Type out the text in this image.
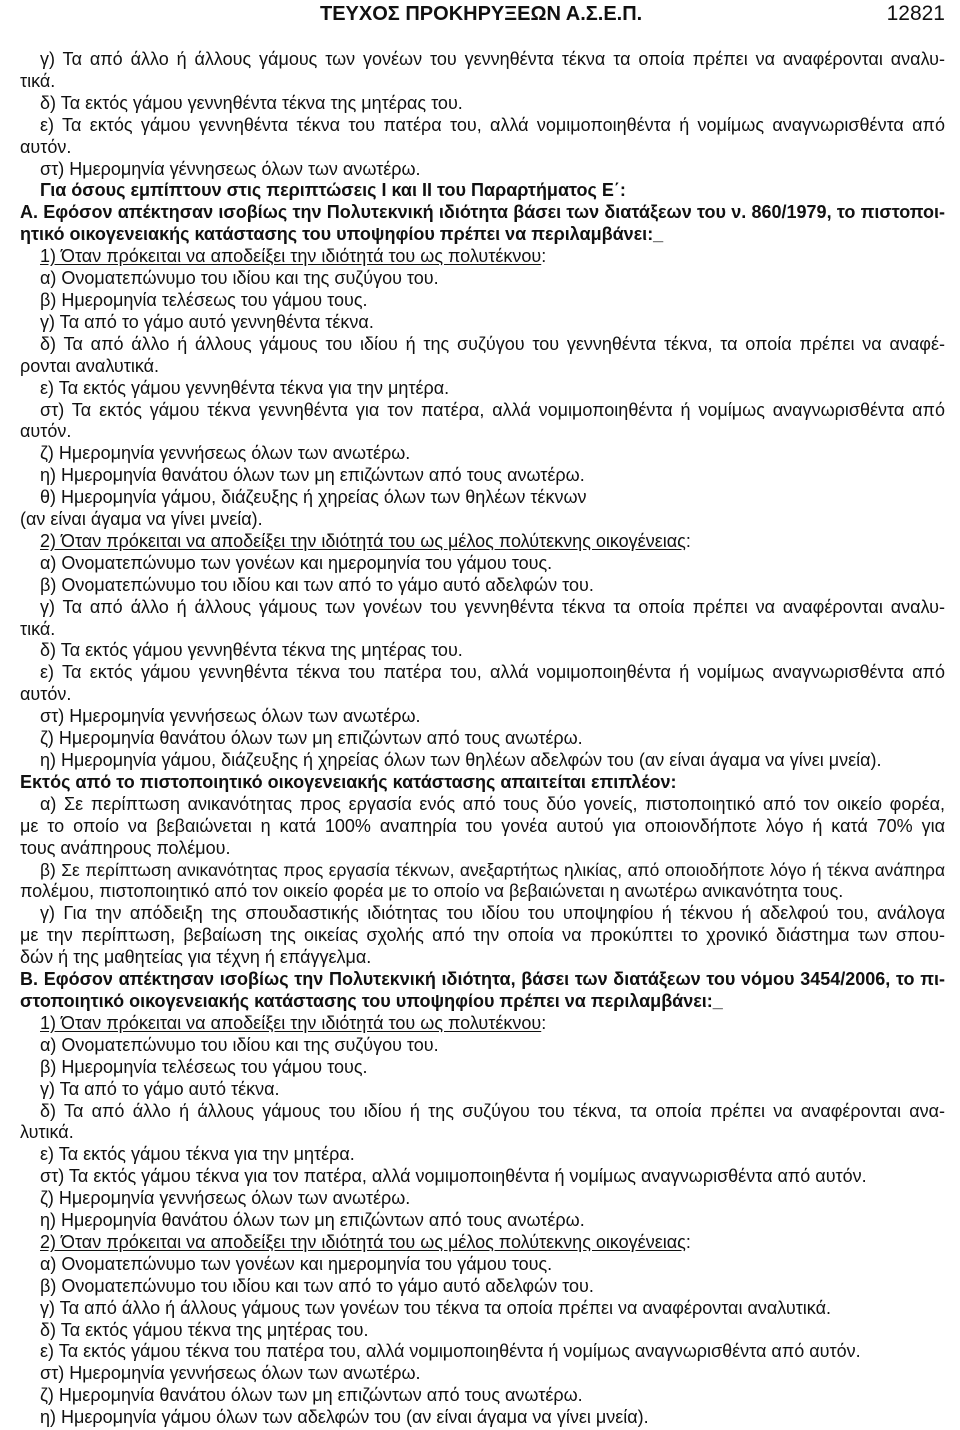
ΤΕΥΧΟΣ ΠΡΟΚΗΡΥΞΕΩΝ Α.Σ.Ε.Π.	12821
γ) Τα από άλλο ή άλλους γάμους των γονέων του γεννηθέντα τέκνα τα οποία πρέπει να αναφέρονται αναλυ-
τικά.
δ) Τα εκτός γάμου γεννηθέντα τέκνα της μητέρας του.
ε) Τα εκτός γάμου γεννηθέντα τέκνα του πατέρα του, αλλά νομιμοποιηθέντα ή νομίμως αναγνωρισθέντα από
αυτόν.
στ) Ημερομηνία γέννησεως όλων των ανωτέρω.
Για όσους εμπίπτουν στις περιπτώσεις I και II του Παραρτήματος Ε΄:
Α. Εφόσον απέκτησαν ισοβίως την Πολυτεκνική ιδιότητα βάσει των διατάξεων του ν. 860/1979, το πιστοποι-
ητικό οικογενειακής κατάστασης του υποψηφίου πρέπει να περιλαμβάνει:_
1) Όταν πρόκειται να αποδείξει την ιδιότητά του ως πολυτέκνου:
α) Ονοματεπώνυμο του ιδίου και της συζύγου του.
β) Ημερομηνία τελέσεως του γάμου τους.
γ) Τα από το γάμο αυτό γεννηθέντα τέκνα.
δ) Τα από άλλο ή άλλους γάμους του ιδίου ή της συζύγου του γεννηθέντα τέκνα, τα οποία πρέπει να αναφέ-
ρονται αναλυτικά.
ε) Τα εκτός γάμου γεννηθέντα τέκνα για την μητέρα.
στ) Τα εκτός γάμου τέκνα γεννηθέντα για τον πατέρα, αλλά νομιμοποιηθέντα ή νομίμως αναγνωρισθέντα από
αυτόν.
ζ) Ημερομηνία γεννήσεως όλων των ανωτέρω.
η) Ημερομηνία θανάτου όλων των μη επιζώντων από τους ανωτέρω.
θ) Ημερομηνία γάμου, διάζευξης ή χηρείας όλων των θηλέων τέκνων
(αν είναι άγαμα να γίνει μνεία).
2) Όταν πρόκειται να αποδείξει την ιδιότητά του ως μέλος πολύτεκνης οικογένειας:
α) Ονοματεπώνυμο των γονέων και ημερομηνία του γάμου τους.
β) Ονοματεπώνυμο του ιδίου και των από το γάμο αυτό αδελφών του.
γ) Τα από άλλο ή άλλους γάμους των γονέων του γεννηθέντα τέκνα τα οποία πρέπει να αναφέρονται αναλυ-
τικά.
δ) Τα εκτός γάμου γεννηθέντα τέκνα της μητέρας του.
ε) Τα εκτός γάμου γεννηθέντα τέκνα του πατέρα του, αλλά νομιμοποιηθέντα ή νομίμως αναγνωρισθέντα από
αυτόν.
στ) Ημερομηνία γεννήσεως όλων των ανωτέρω.
ζ) Ημερομηνία θανάτου όλων των μη επιζώντων από τους ανωτέρω.
η) Ημερομηνία γάμου, διάζευξης ή χηρείας όλων των θηλέων αδελφών του (αν είναι άγαμα να γίνει μνεία).
Εκτός από το πιστοποιητικό οικογενειακής κατάστασης απαιτείται επιπλέον:
α) Σε περίπτωση ανικανότητας προς εργασία ενός από τους δύο γονείς, πιστοποιητικό από τον οικείο φορέα,
με το οποίο να βεβαιώνεται η κατά 100% αναπηρία του γονέα αυτού για οποιονδήποτε λόγο ή κατά 70% για
τους ανάπηρους πολέμου.
β) Σε περίπτωση ανικανότητας προς εργασία τέκνων, ανεξαρτήτως ηλικίας, από οποιοδήποτε λόγο ή τέκνα ανάπηρα
πολέμου, πιστοποιητικό από τον οικείο φορέα με το οποίο να βεβαιώνεται η ανωτέρω ανικανότητα τους.
γ) Για την απόδειξη της σπουδαστικής ιδιότητας του ιδίου του υποψηφίου ή τέκνου ή αδελφού του, ανάλογα
με την περίπτωση, βεβαίωση της οικείας σχολής από την οποία να προκύπτει το χρονικό διάστημα των σπου-
δών ή της μαθητείας για τέχνη ή επάγγελμα.
Β. Εφόσον απέκτησαν ισοβίως την Πολυτεκνική ιδιότητα, βάσει των διατάξεων του νόμου 3454/2006, το πι-
στοποιητικό οικογενειακής κατάστασης του υποψηφίου πρέπει να περιλαμβάνει:_
1) Όταν πρόκειται να αποδείξει την ιδιότητά του ως πολυτέκνου:
α) Ονοματεπώνυμο του ιδίου και της συζύγου του.
β) Ημερομηνία τελέσεως του γάμου τους.
γ) Τα από το γάμο αυτό τέκνα.
δ) Τα από άλλο ή άλλους γάμους του ιδίου ή της συζύγου του τέκνα, τα οποία πρέπει να αναφέρονται ανα-
λυτικά.
ε) Τα εκτός γάμου τέκνα για την μητέρα.
στ) Τα εκτός γάμου τέκνα για τον πατέρα, αλλά νομιμοποιηθέντα ή νομίμως αναγνωρισθέντα από αυτόν.
ζ) Ημερομηνία γεννήσεως όλων των ανωτέρω.
η) Ημερομηνία θανάτου όλων των μη επιζώντων από τους ανωτέρω.
2) Όταν πρόκειται να αποδείξει την ιδιότητά του ως μέλος πολύτεκνης οικογένειας:
α) Ονοματεπώνυμο των γονέων και ημερομηνία του γάμου τους.
β) Ονοματεπώνυμο του ιδίου και των από το γάμο αυτό αδελφών του.
γ) Τα από άλλο ή άλλους γάμους των γονέων του τέκνα τα οποία πρέπει να αναφέρονται αναλυτικά.
δ) Τα εκτός γάμου τέκνα της μητέρας του.
ε) Τα εκτός γάμου τέκνα του πατέρα του, αλλά νομιμοποιηθέντα ή νομίμως αναγνωρισθέντα από αυτόν.
στ) Ημερομηνία γεννήσεως όλων των ανωτέρω.
ζ) Ημερομηνία θανάτου όλων των μη επιζώντων από τους ανωτέρω.
η) Ημερομηνία γάμου όλων των αδελφών του (αν είναι άγαμα να γίνει μνεία).
